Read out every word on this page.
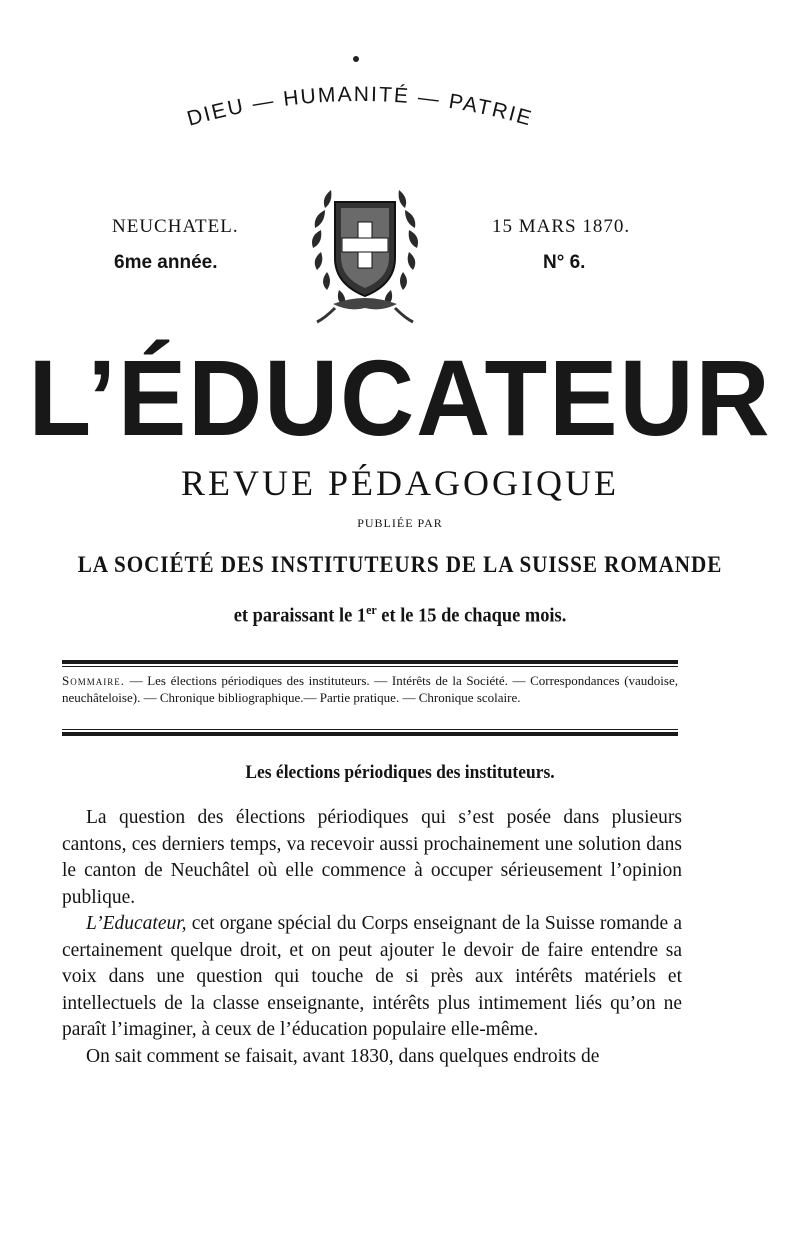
DIEU — HUMANITÉ — PATRIE
NEUCHATEL.
6me année.
15 MARS 1870.
N° 6.
L’ÉDUCATEUR
REVUE PÉDAGOGIQUE
PUBLIÉE PAR
LA SOCIÉTÉ DES INSTITUTEURS DE LA SUISSE ROMANDE
et paraissant le 1er et le 15 de chaque mois.
Sommaire. — Les élections périodiques des instituteurs. — Intérêts de la Société. — Correspondances (vaudoise, neuchâteloise). — Chronique bibliographique.— Partie pratique. — Chronique scolaire.
Les élections périodiques des instituteurs.

La question des élections périodiques qui s’est posée dans plusieurs cantons, ces derniers temps, va recevoir aussi prochainement une solution dans le canton de Neuchâtel où elle commence à occuper sérieusement l’opinion publique.

L’Educateur, cet organe spécial du Corps enseignant de la Suisse romande a certainement quelque droit, et on peut ajouter le devoir de faire entendre sa voix dans une question qui touche de si près aux intérêts matériels et intellectuels de la classe enseignante, intérêts plus intimement liés qu’on ne paraît l’imaginer, à ceux de l’éducation populaire elle-même.

On sait comment se faisait, avant 1830, dans quelques endroits de
